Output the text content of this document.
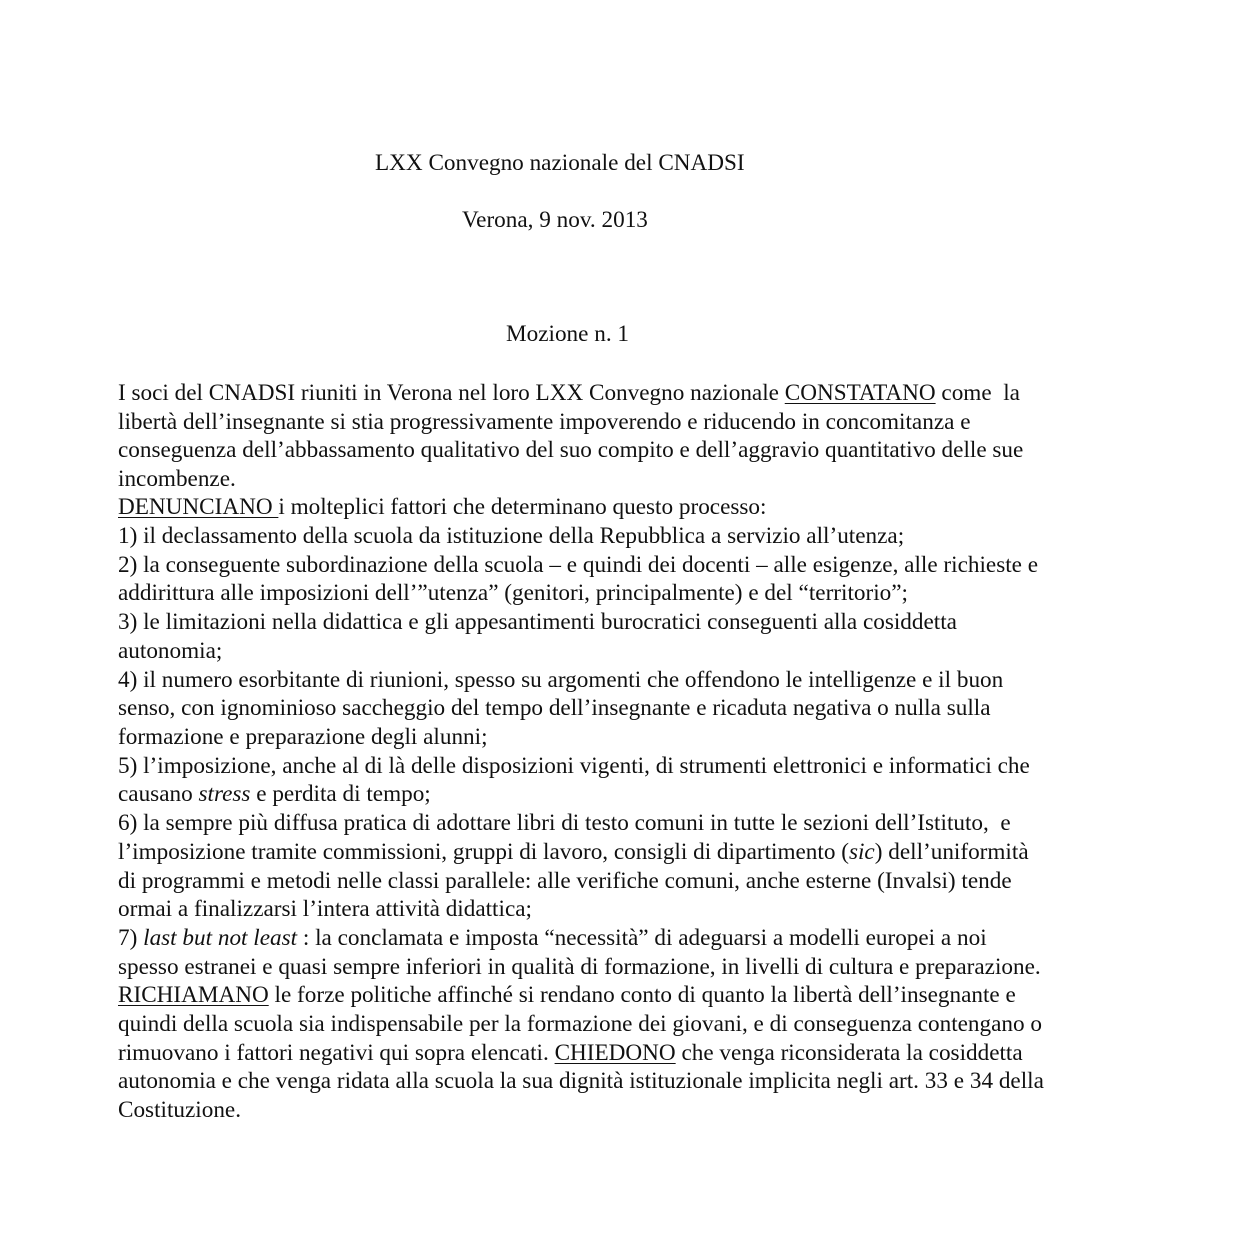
LXX Convegno nazionale del CNADSI
Verona, 9 nov. 2013
Mozione n. 1
I soci del CNADSI riuniti in Verona nel loro LXX Convegno nazionale CONSTATANO come  la
libertà dell’insegnante si stia progressivamente impoverendo e riducendo in concomitanza e
conseguenza dell’abbassamento qualitativo del suo compito e dell’aggravio quantitativo delle sue
incombenze.
DENUNCIANO i molteplici fattori che determinano questo processo:
1) il declassamento della scuola da istituzione della Repubblica a servizio all’utenza;
2) la conseguente subordinazione della scuola – e quindi dei docenti – alle esigenze, alle richieste e
addirittura alle imposizioni dell’”utenza” (genitori, principalmente) e del “territorio”;
3) le limitazioni nella didattica e gli appesantimenti burocratici conseguenti alla cosiddetta
autonomia;
4) il numero esorbitante di riunioni, spesso su argomenti che offendono le intelligenze e il buon
senso, con ignominioso saccheggio del tempo dell’insegnante e ricaduta negativa o nulla sulla
formazione e preparazione degli alunni;
5) l’imposizione, anche al di là delle disposizioni vigenti, di strumenti elettronici e informatici che
causano stress e perdita di tempo;
6) la sempre più diffusa pratica di adottare libri di testo comuni in tutte le sezioni dell’Istituto,  e
l’imposizione tramite commissioni, gruppi di lavoro, consigli di dipartimento (sic) dell’uniformità
di programmi e metodi nelle classi parallele: alle verifiche comuni, anche esterne (Invalsi) tende
ormai a finalizzarsi l’intera attività didattica;
7) last but not least : la conclamata e imposta “necessità” di adeguarsi a modelli europei a noi
spesso estranei e quasi sempre inferiori in qualità di formazione, in livelli di cultura e preparazione.
RICHIAMANO le forze politiche affinché si rendano conto di quanto la libertà dell’insegnante e
quindi della scuola sia indispensabile per la formazione dei giovani, e di conseguenza contengano o
rimuovano i fattori negativi qui sopra elencati. CHIEDONO che venga riconsiderata la cosiddetta
autonomia e che venga ridata alla scuola la sua dignità istituzionale implicita negli art. 33 e 34 della
Costituzione.
